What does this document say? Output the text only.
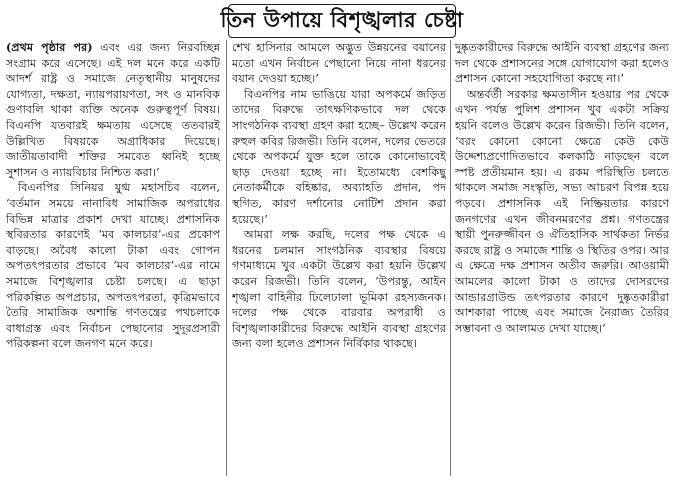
তিন উপায়ে বিশৃঙ্খলার চেষ্টা

(প্রথম পৃষ্ঠার পর) এবং এর জন্য নিরবচ্ছিন্ন সংগ্রাম করে এসেছে। এই দল মনে করে একটি আদর্শ রাষ্ট্র ও সমাজে নেতৃস্থানীয় মানুষদের যোগ্যতা, দক্ষতা, ন্যায়পরায়ণতা, সৎ ও মানবিক গুণাবলি থাকা ব্যক্তি অনেক গুরুত্বপূর্ণ বিষয়। বিএনপি যতবারই ক্ষমতায় এসেছে ততবারই উল্লিখিত বিষয়কে অগ্রাধিকার দিয়েছে। জাতীয়তাবাদী শক্তির সমবেত ধ্বনিই হচ্ছে সুশাসন ও ন্যায়বিচার নিশ্চিত করা।’

বিএনপির সিনিয়র যুগ্ম মহাসচিব বলেন, ‘বর্তমান সময়ে নানাবিধ সামাজিক অপরাধের বিভিন্ন মাত্রার প্রকাশ দেখা যাচ্ছে। প্রশাসনিক স্থবিরতার কারণেই ‘মব কালচার’-এর প্রকোপ বাড়ছে। অবৈধ কালো টাকা এবং গোপন অপতৎপরতার প্রভাবে ‘মব কালচার’-এর নামে সমাজে বিশৃঙ্খলার চেষ্টা চলছে। এ ছাড়া পরিকল্পিত অপপ্রচার, অপতৎপরতা, কৃত্রিমভাবে তৈরি সামাজিক অশান্তি গণতন্ত্রের পথচলাকে বাধাগ্রস্ত এবং নির্বাচন পেছানোর সুদূরপ্রসারী পরিকল্পনা বলে জনগণ মনে করে।

শেখ হাসিনার আমলে অদ্ভুত উন্নয়নের বয়ানের মতো এখন নির্বাচন পেছানো নিয়ে নানা ধরনের বয়ান দেওয়া হচ্ছে।’

বিএনপির নাম ভাঙিয়ে যারা অপকর্মে জড়িত তাদের বিরুদ্ধে তাৎক্ষণিকভাবে দল থেকে সাংগঠনিক ব্যবস্থা গ্রহণ করা হচ্ছে– উল্লেখ করেন রুহুল কবির রিজভী। তিনি বলেন, দলের ভেতরে থেকে অপকর্মে যুক্ত হলে তাকে কোনোভাবেই ছাড় দেওয়া হচ্ছে না। ইতোমধ্যে বেশকিছু নেতাকর্মীকে বহিষ্কার, অব্যাহতি প্রদান, পদ স্থগিত, কারণ দর্শানোর নোটিশ প্রদান করা হয়েছে।’

আমরা লক্ষ করছি, দলের পক্ষ থেকে এ ধরনের চলমান সাংগঠনিক ব্যবস্থার বিষয়ে গণমাধ্যমে খুব একটা উল্লেখ করা হয়নি উল্লেখ করেন রিজভী। তিনি বলেন, ‘উপরন্তু, আইন শৃঙ্খলা বাহিনীর ঢিলেঢালা ভূমিকা রহস্যজনক। দলের পক্ষ থেকে বারবার অপরাধী ও বিশৃঙ্খলাকারীদের বিরুদ্ধে আইনি ব্যবস্থা গ্রহণের জন্য বলা হলেও প্রশাসন নির্বিকার থাকছে।

দুষ্কৃতকারীদের বিরুদ্ধে আইনি ব্যবস্থা গ্রহণের জন্য দল থেকে প্রশাসনের সঙ্গে যোগাযোগ করা হলেও প্রশাসন কোনো সহযোগিতা করছে না।’

অন্তর্বর্তী সরকার ক্ষমতাসীন হওয়ার পর থেকে এখন পর্যন্ত পুলিশ প্রশাসন খুব একটা সক্রিয় হয়নি বলেও উল্লেখ করেন রিজভী। তিনি বলেন, ‘বরং কোনো কোনো ক্ষেত্রে কেউ কেউ উদ্দেশ্যপ্রণোদিতভাবে কলকাঠি নাড়ছেন বলে স্পষ্ট প্রতীয়মান হয়। এ রকম পরিস্থিতি চলতে থাকলে সমাজ সংস্কৃতি, সভ্য আচরণ বিপন্ন হয়ে পড়বে। প্রশাসনিক এই নিষ্ক্রিয়তার কারণে জনগণের এখন জীবনমরণের প্রশ্ন। গণতন্ত্রের স্থায়ী পুনরুজ্জীবন ও ঐতিহাসিক সার্থকতা নির্ভর করছে রাষ্ট্র ও সমাজে শান্তি ও স্থিতির ওপর। আর এ ক্ষেত্রে দক্ষ প্রশাসন অতীব জরুরি। আওয়ামী আমলের কালো টাকা ও তাদের দোসরদের আন্ডারগ্রাউন্ড তৎপরতার কারণে দুষ্কৃতকারীরা আশকারা পাচ্ছে এবং সমাজে নৈরাজ্য তৈরির সম্ভাবনা ও আলামত দেখা যাচ্ছে।’
